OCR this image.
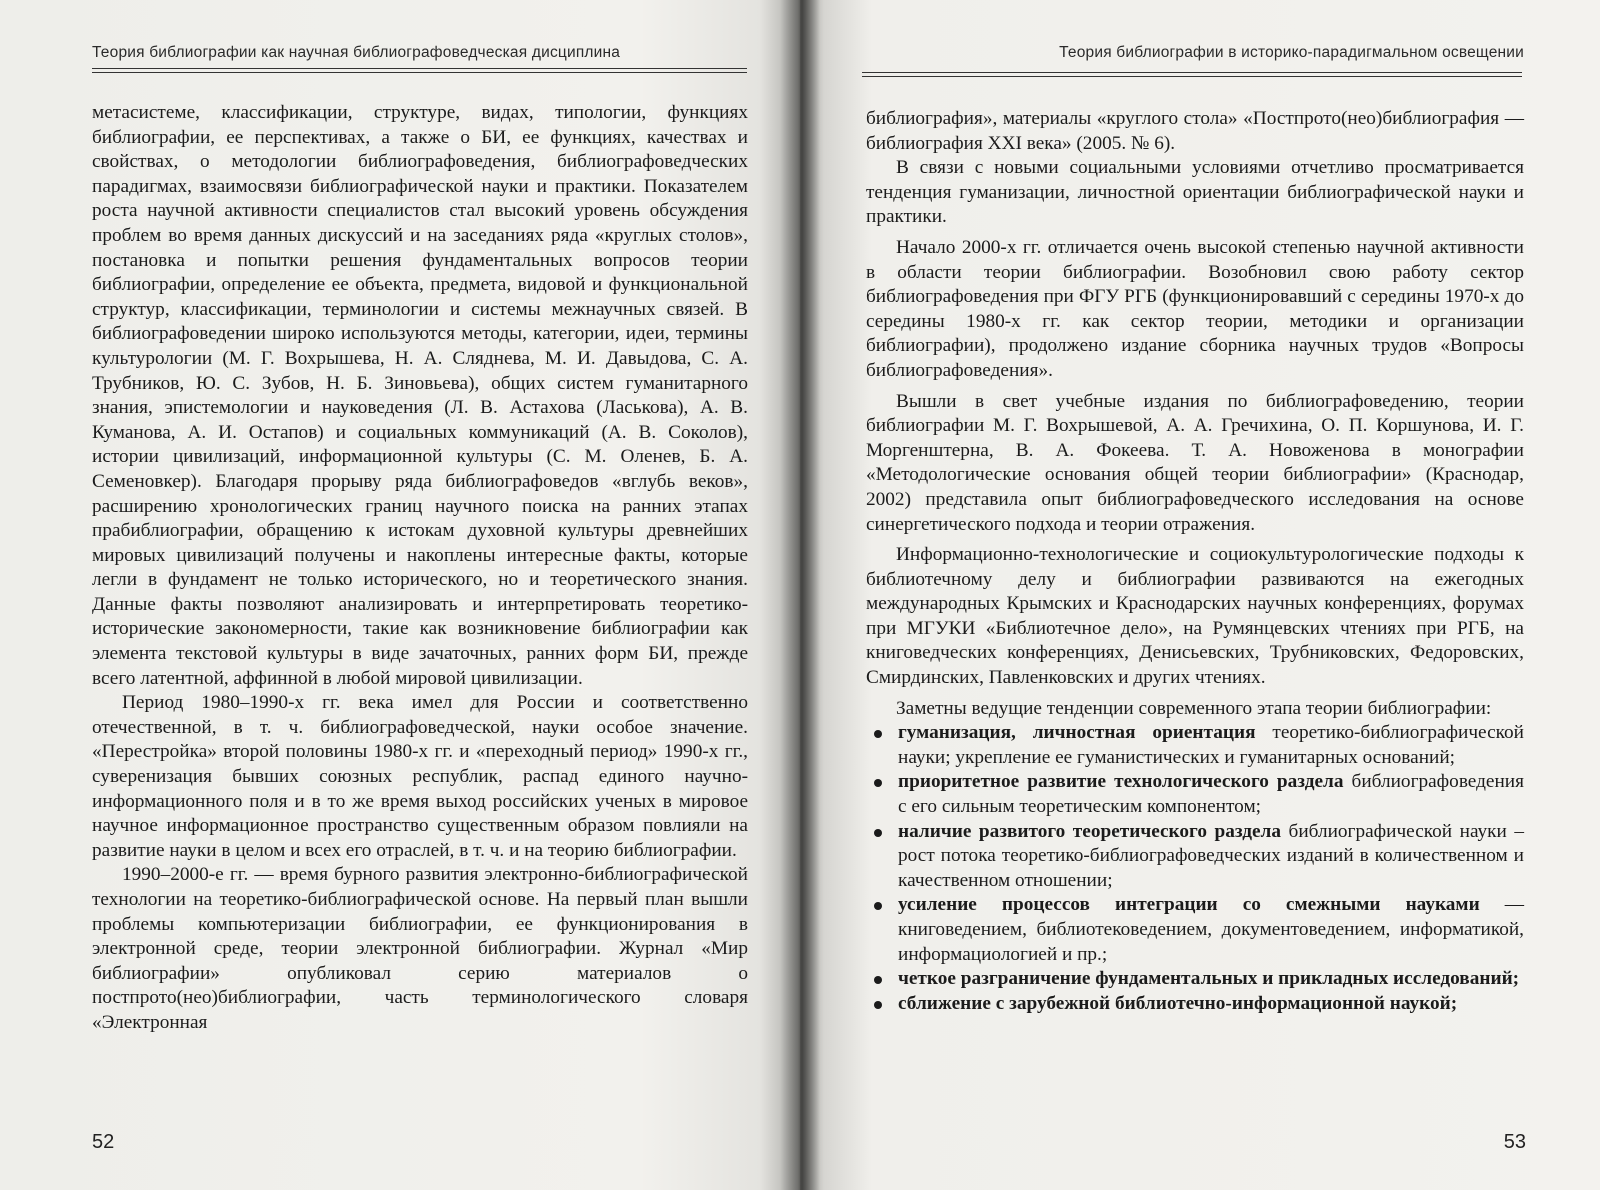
Теория библиографии как научная библиографоведческая дисциплина

метасистеме, классификации, структуре, видах, типологии, функциях библиографии, ее перспективах, а также о БИ, ее функциях, качествах и свойствах, о методологии библиографоведения, библиографоведческих парадигмах, взаимосвязи библиографической науки и практики. Показателем роста научной активности специалистов стал высокий уровень обсуждения проблем во время данных дискуссий и на заседаниях ряда «круглых столов», постановка и попытки решения фундаментальных вопросов теории библиографии, определение ее объекта, предмета, видовой и функциональной структур, классификации, терминологии и системы межнаучных связей. В библиографоведении широко используются методы, категории, идеи, термины культурологии (М. Г. Вохрышева, Н. А. Сляднева, М. И. Давыдова, С. А. Трубников, Ю. С. Зубов, Н. Б. Зиновьева), общих систем гуманитарного знания, эпистемологии и науковедения (Л. В. Астахова (Ласькова), А. В. Куманова, А. И. Остапов) и социальных коммуникаций (А. В. Соколов), истории цивилизаций, информационной культуры (С. М. Оленев, Б. А. Семеновкер). Благодаря прорыву ряда библиографоведов «вглубь веков», расширению хронологических границ научного поиска на ранних этапах прабиблиографии, обращению к истокам духовной культуры древнейших мировых цивилизаций получены и накоплены интересные факты, которые легли в фундамент не только исторического, но и теоретического знания. Данные факты позволяют анализировать и интерпретировать теоретико-исторические закономерности, такие как возникновение библиографии как элемента текстовой культуры в виде зачаточных, ранних форм БИ, прежде всего латентной, аффинной в любой мировой цивилизации.

Период 1980–1990-х гг. века имел для России и соответственно отечественной, в т. ч. библиографоведческой, науки особое значение. «Перестройка» второй половины 1980-х гг. и «переходный период» 1990-х гг., суверенизация бывших союзных республик, распад единого научно-информационного поля и в то же время выход российских ученых в мировое научное информационное пространство существенным образом повлияли на развитие науки в целом и всех его отраслей, в т. ч. и на теорию библиографии.

1990–2000-е гг. — время бурного развития электронно-библиографической технологии на теоретико-библиографической основе. На первый план вышли проблемы компьютеризации библиографии, ее функционирования в электронной среде, теории электронной библиографии. Журнал «Мир библиографии» опубликовал серию материалов о постпрото(нео)библиографии, часть терминологического словаря «Электронная

52
Теория библиографии в историко-парадигмальном освещении

библиография», материалы «круглого стола» «Постпрото(нео)библиография — библиография XXI века» (2005. № 6).

В связи с новыми социальными условиями отчетливо просматривается тенденция гуманизации, личностной ориентации библиографической науки и практики.

Начало 2000-х гг. отличается очень высокой степенью научной активности в области теории библиографии. Возобновил свою работу сектор библиографоведения при ФГУ РГБ (функционировавший с середины 1970-х до середины 1980-х гг. как сектор теории, методики и организации библиографии), продолжено издание сборника научных трудов «Вопросы библиографоведения».

Вышли в свет учебные издания по библиографоведению, теории библиографии М. Г. Вохрышевой, А. А. Гречихина, О. П. Коршунова, И. Г. Моргенштерна, В. А. Фокеева. Т. А. Новоженова в монографии «Методологические основания общей теории библиографии» (Краснодар, 2002) представила опыт библиографоведческого исследования на основе синергетического подхода и теории отражения.

Информационно-технологические и социокультурологические подходы к библиотечному делу и библиографии развиваются на ежегодных международных Крымских и Краснодарских научных конференциях, форумах при МГУКИ «Библиотечное дело», на Румянцевских чтениях при РГБ, на книговедческих конференциях, Денисьевских, Трубниковских, Федоровских, Смирдинских, Павленковских и других чтениях.

Заметны ведущие тенденции современного этапа теории библиографии:

гуманизация, личностная ориентация теоретико-библиографической науки; укрепление ее гуманистических и гуманитарных оснований;
приоритетное развитие технологического раздела библиографоведения с его сильным теоретическим компонентом;
наличие развитого теоретического раздела библиографической науки – рост потока теоретико-библиографоведческих изданий в количественном и качественном отношении;
усиление процессов интеграции со смежными науками — книговедением, библиотековедением, документоведением, информатикой, информациологией и пр.;
четкое разграничение фундаментальных и прикладных исследований;
сближение с зарубежной библиотечно-информационной наукой;
53
